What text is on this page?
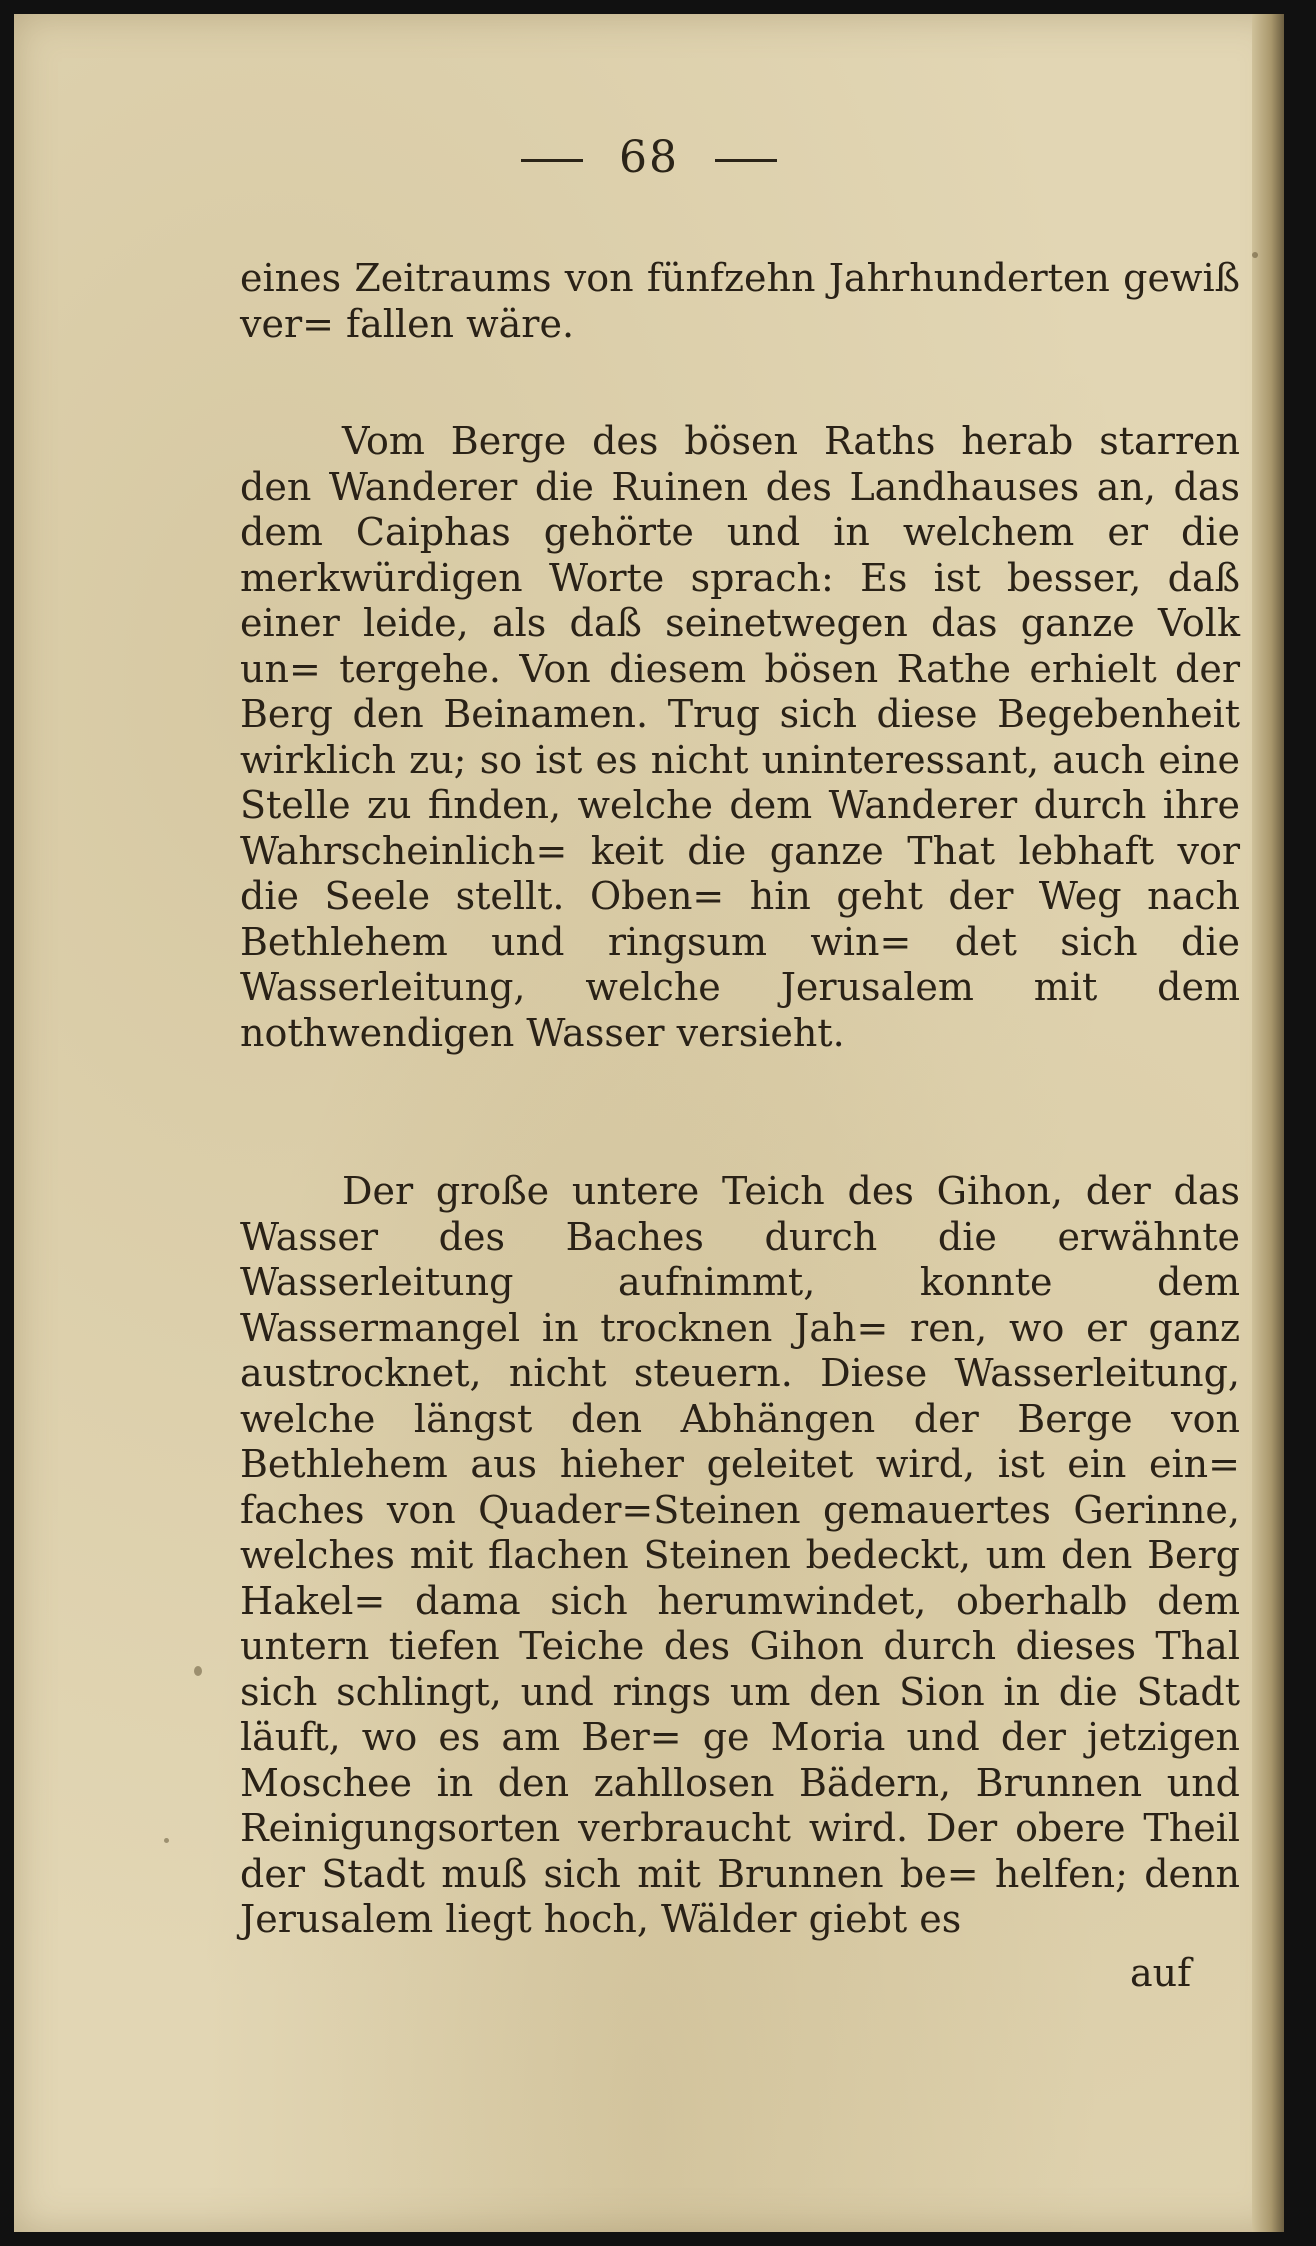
68

eines Zeitraums von fünfzehn Jahrhunderten gewiß ver= fallen wäre.

Vom Berge des bösen Raths herab starren den Wanderer die Ruinen des Landhauses an, das dem Caiphas gehörte und in welchem er die merkwürdigen Worte sprach: Es ist besser, daß einer leide, als daß seinetwegen das ganze Volk un= tergehe. Von diesem bösen Rathe erhielt der Berg den Beinamen. Trug sich diese Begebenheit wirklich zu; so ist es nicht uninteressant, auch eine Stelle zu finden, welche dem Wanderer durch ihre Wahrscheinlich= keit die ganze That lebhaft vor die Seele stellt. Oben= hin geht der Weg nach Bethlehem und ringsum win= det sich die Wasserleitung, welche Jerusalem mit dem nothwendigen Wasser versieht.

Der große untere Teich des Gihon, der das Wasser des Baches durch die erwähnte Wasserleitung aufnimmt, konnte dem Wassermangel in trocknen Jah= ren, wo er ganz austrocknet, nicht steuern. Diese Wasserleitung, welche längst den Abhängen der Berge von Bethlehem aus hieher geleitet wird, ist ein ein= faches von Quader=Steinen gemauertes Gerinne, welches mit flachen Steinen bedeckt, um den Berg Hakel= dama sich herumwindet, oberhalb dem untern tiefen Teiche des Gihon durch dieses Thal sich schlingt, und rings um den Sion in die Stadt läuft, wo es am Ber= ge Moria und der jetzigen Moschee in den zahllosen Bädern, Brunnen und Reinigungsorten verbraucht wird. Der obere Theil der Stadt muß sich mit Brunnen be= helfen; denn Jerusalem liegt hoch, Wälder giebt es

auf
